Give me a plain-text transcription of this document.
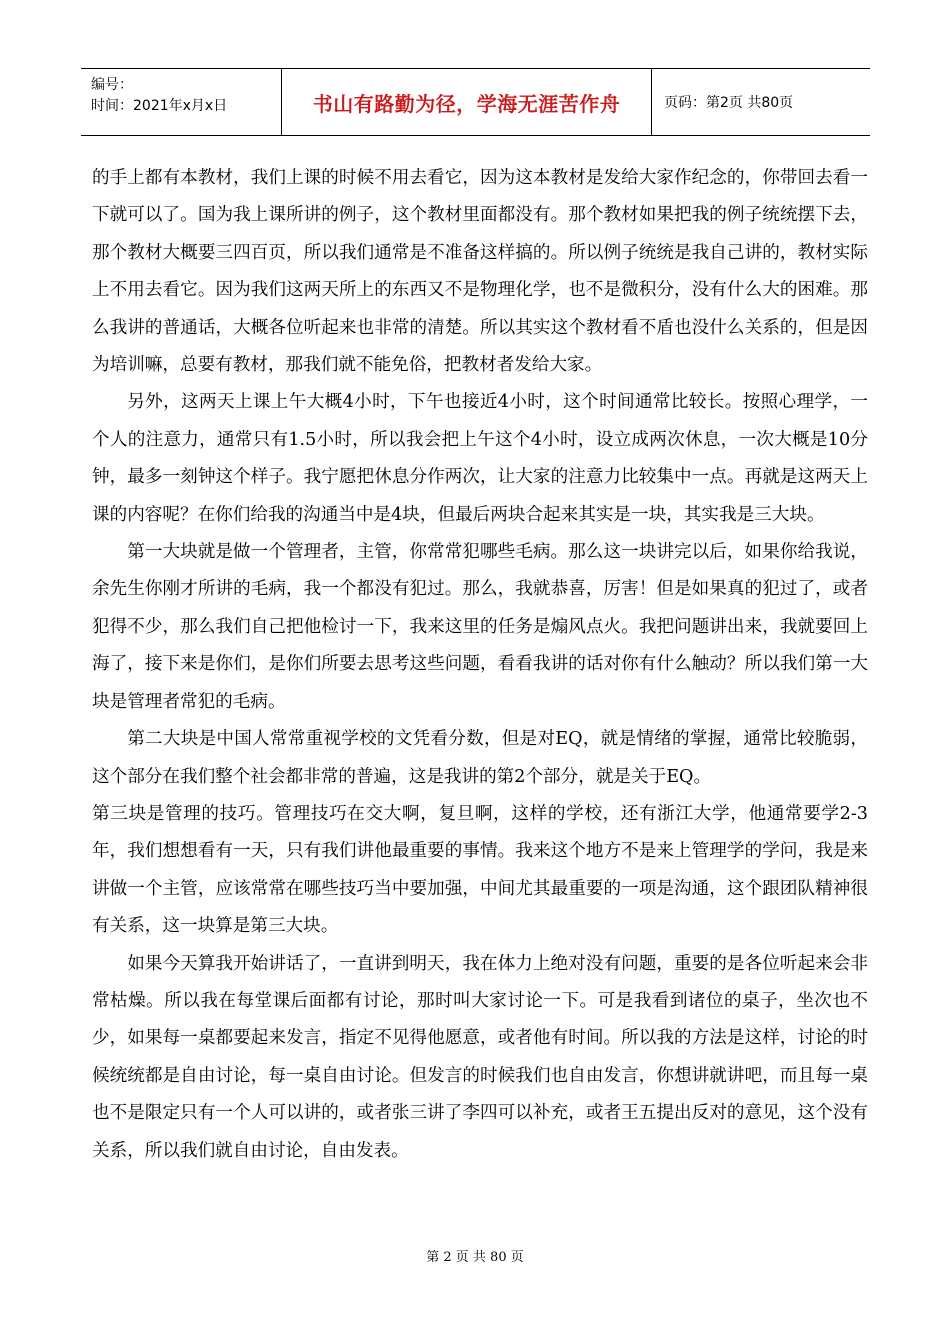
编号：
时间：2021年x月x日	书山有路勤为径，学海无涯苦作舟	页码：第2页 共80页

的手上都有本教材，我们上课的时候不用去看它，因为这本教材是发给大家作纪念的，你带回去看一下就可以了。国为我上课所讲的例子，这个教材里面都没有。那个教材如果把我的例子统统摆下去，那个教材大概要三四百页，所以我们通常是不准备这样搞的。所以例子统统是我自己讲的，教材实际上不用去看它。因为我们这两天所上的东西又不是物理化学，也不是微积分，没有什么大的困难。那么我讲的普通话，大概各位听起来也非常的清楚。所以其实这个教材看不盾也没什么关系的，但是因为培训嘛，总要有教材，那我们就不能免俗，把教材者发给大家。

另外，这两天上课上午大概4小时，下午也接近4小时，这个时间通常比较长。按照心理学，一个人的注意力，通常只有1.5小时，所以我会把上午这个4小时，设立成两次休息，一次大概是10分钟，最多一刻钟这个样子。我宁愿把休息分作两次，让大家的注意力比较集中一点。再就是这两天上课的内容呢？在你们给我的沟通当中是4块，但最后两块合起来其实是一块，其实我是三大块。

第一大块就是做一个管理者，主管，你常常犯哪些毛病。那么这一块讲完以后，如果你给我说，余先生你刚才所讲的毛病，我一个都没有犯过。那么，我就恭喜，厉害！但是如果真的犯过了，或者犯得不少，那么我们自己把他检讨一下，我来这里的任务是煽风点火。我把问题讲出来，我就要回上海了，接下来是你们，是你们所要去思考这些问题，看看我讲的话对你有什么触动？所以我们第一大块是管理者常犯的毛病。

第二大块是中国人常常重视学校的文凭看分数，但是对EQ，就是情绪的掌握，通常比较脆弱，这个部分在我们整个社会都非常的普遍，这是我讲的第2个部分，就是关于EQ。

第三块是管理的技巧。管理技巧在交大啊，复旦啊，这样的学校，还有浙江大学，他通常要学2-3年，我们想想看有一天，只有我们讲他最重要的事情。我来这个地方不是来上管理学的学问，我是来讲做一个主管，应该常常在哪些技巧当中要加强，中间尤其最重要的一项是沟通，这个跟团队精神很有关系，这一块算是第三大块。

如果今天算我开始讲话了，一直讲到明天，我在体力上绝对没有问题，重要的是各位听起来会非常枯燥。所以我在每堂课后面都有讨论，那时叫大家讨论一下。可是我看到诸位的桌子，坐次也不少，如果每一桌都要起来发言，指定不见得他愿意，或者他有时间。所以我的方法是这样，讨论的时候统统都是自由讨论，每一桌自由讨论。但发言的时候我们也自由发言，你想讲就讲吧，而且每一桌也不是限定只有一个人可以讲的，或者张三讲了李四可以补充，或者王五提出反对的意见，这个没有关系，所以我们就自由讨论，自由发表。

第 2 页 共 80 页
